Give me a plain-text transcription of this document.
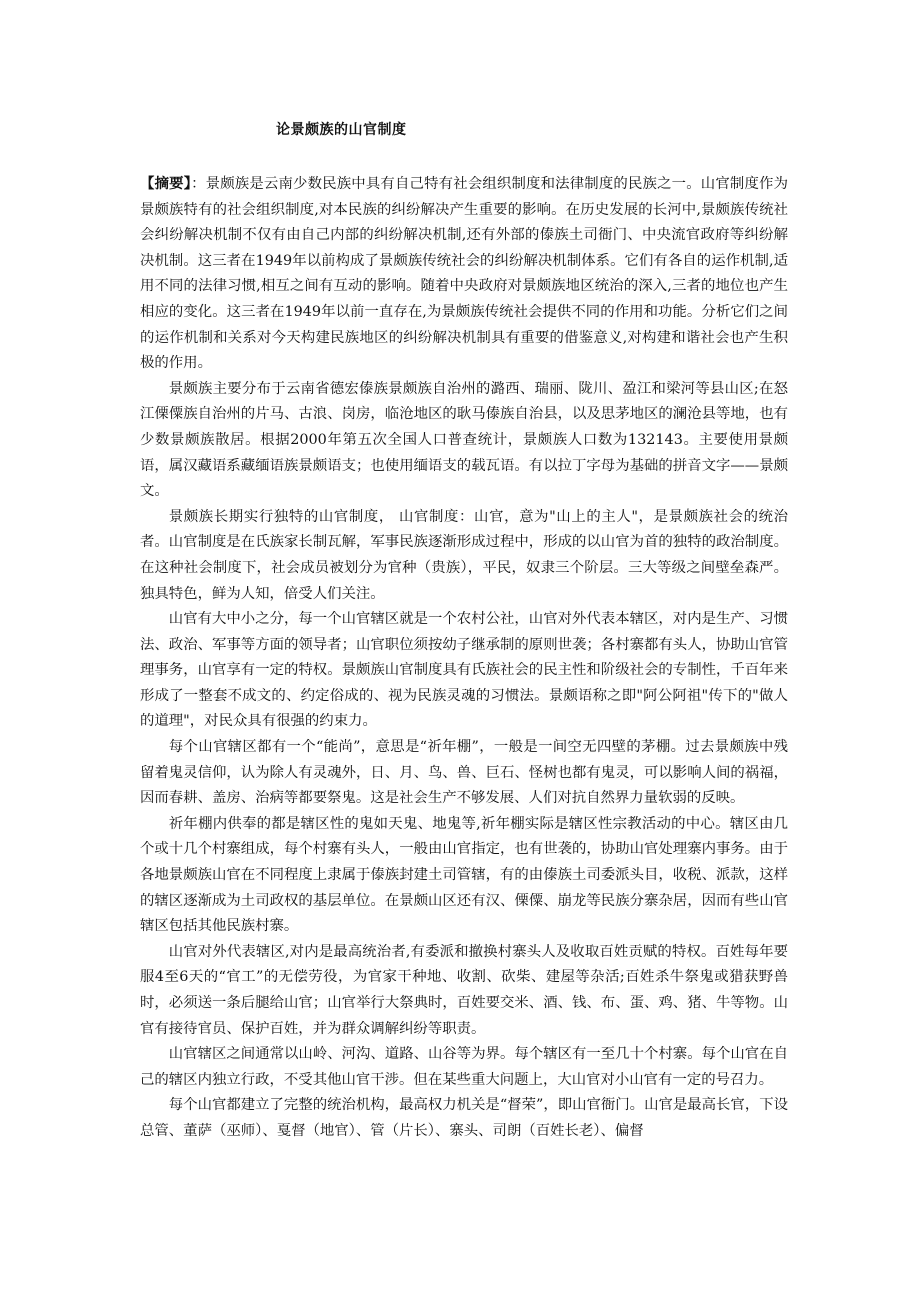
论景颇族的山官制度

【摘要】：景颇族是云南少数民族中具有自己特有社会组织制度和法律制度的民族之一。山官制度作为景颇族特有的社会组织制度,对本民族的纠纷解决产生重要的影响。在历史发展的长河中,景颇族传统社会纠纷解决机制不仅有由自己内部的纠纷解决机制,还有外部的傣族土司衙门、中央流官政府等纠纷解决机制。这三者在1949年以前构成了景颇族传统社会的纠纷解决机制体系。它们有各自的运作机制,适用不同的法律习惯,相互之间有互动的影响。随着中央政府对景颇族地区统治的深入,三者的地位也产生相应的变化。这三者在1949年以前一直存在,为景颇族传统社会提供不同的作用和功能。分析它们之间的运作机制和关系对今天构建民族地区的纠纷解决机制具有重要的借鉴意义,对构建和谐社会也产生积极的作用。

景颇族主要分布于云南省德宏傣族景颇族自治州的潞西、瑞丽、陇川、盈江和梁河等县山区;在怒江傈僳族自治州的片马、古浪、岗房，临沧地区的耿马傣族自治县，以及思茅地区的澜沧县等地，也有少数景颇族散居。根据2000年第五次全国人口普查统计，景颇族人口数为132143。主要使用景颇语，属汉藏语系藏缅语族景颇语支；也使用缅语支的载瓦语。有以拉丁字母为基础的拼音文字——景颇文。

景颇族长期实行独特的山官制度， 山官制度：山官，意为"山上的主人"，是景颇族社会的统治者。山官制度是在氏族家长制瓦解，军事民族逐渐形成过程中，形成的以山官为首的独特的政治制度。在这种社会制度下，社会成员被划分为官种（贵族），平民，奴隶三个阶层。三大等级之间壁垒森严。独具特色，鲜为人知，倍受人们关注。

山官有大中小之分，每一个山官辖区就是一个农村公社，山官对外代表本辖区，对内是生产、习惯法、政治、军事等方面的领导者；山官职位须按幼子继承制的原则世袭；各村寨都有头人，协助山官管理事务，山官享有一定的特权。景颇族山官制度具有氏族社会的民主性和阶级社会的专制性，千百年来形成了一整套不成文的、约定俗成的、视为民族灵魂的习惯法。景颇语称之即"阿公阿祖"传下的"做人的道理"，对民众具有很强的约束力。

每个山官辖区都有一个“能尚”，意思是“祈年棚”，一般是一间空无四壁的茅棚。过去景颇族中残留着鬼灵信仰，认为除人有灵魂外，日、月、鸟、兽、巨石、怪树也都有鬼灵，可以影响人间的祸福，因而春耕、盖房、治病等都要祭鬼。这是社会生产不够发展、人们对抗自然界力量软弱的反映。

祈年棚内供奉的都是辖区性的鬼如天鬼、地鬼等,祈年棚实际是辖区性宗教活动的中心。辖区由几个或十几个村寨组成，每个村寨有头人，一般由山官指定，也有世袭的，协助山官处理寨内事务。由于各地景颇族山官在不同程度上隶属于傣族封建土司管辖，有的由傣族土司委派头目，收税、派款，这样的辖区逐渐成为土司政权的基层单位。在景颇山区还有汉、傈僳、崩龙等民族分寨杂居，因而有些山官辖区包括其他民族村寨。

山官对外代表辖区,对内是最高统治者,有委派和撤换村寨头人及收取百姓贡赋的特权。百姓每年要服4至6天的“官工”的无偿劳役，为官家干种地、收割、砍柴、建屋等杂活;百姓杀牛祭鬼或猎获野兽时，必须送一条后腿给山官；山官举行大祭典时，百姓要交米、酒、钱、布、蛋、鸡、猪、牛等物。山官有接待官员、保护百姓，并为群众调解纠纷等职责。

山官辖区之间通常以山岭、河沟、道路、山谷等为界。每个辖区有一至几十个村寨。每个山官在自己的辖区内独立行政，不受其他山官干涉。但在某些重大问题上，大山官对小山官有一定的号召力。

每个山官都建立了完整的统治机构，最高权力机关是“督荣”，即山官衙门。山官是最高长官，下设总管、董萨（巫师）、戛督（地官）、管（片长）、寨头、司朗（百姓长老）、偏督
